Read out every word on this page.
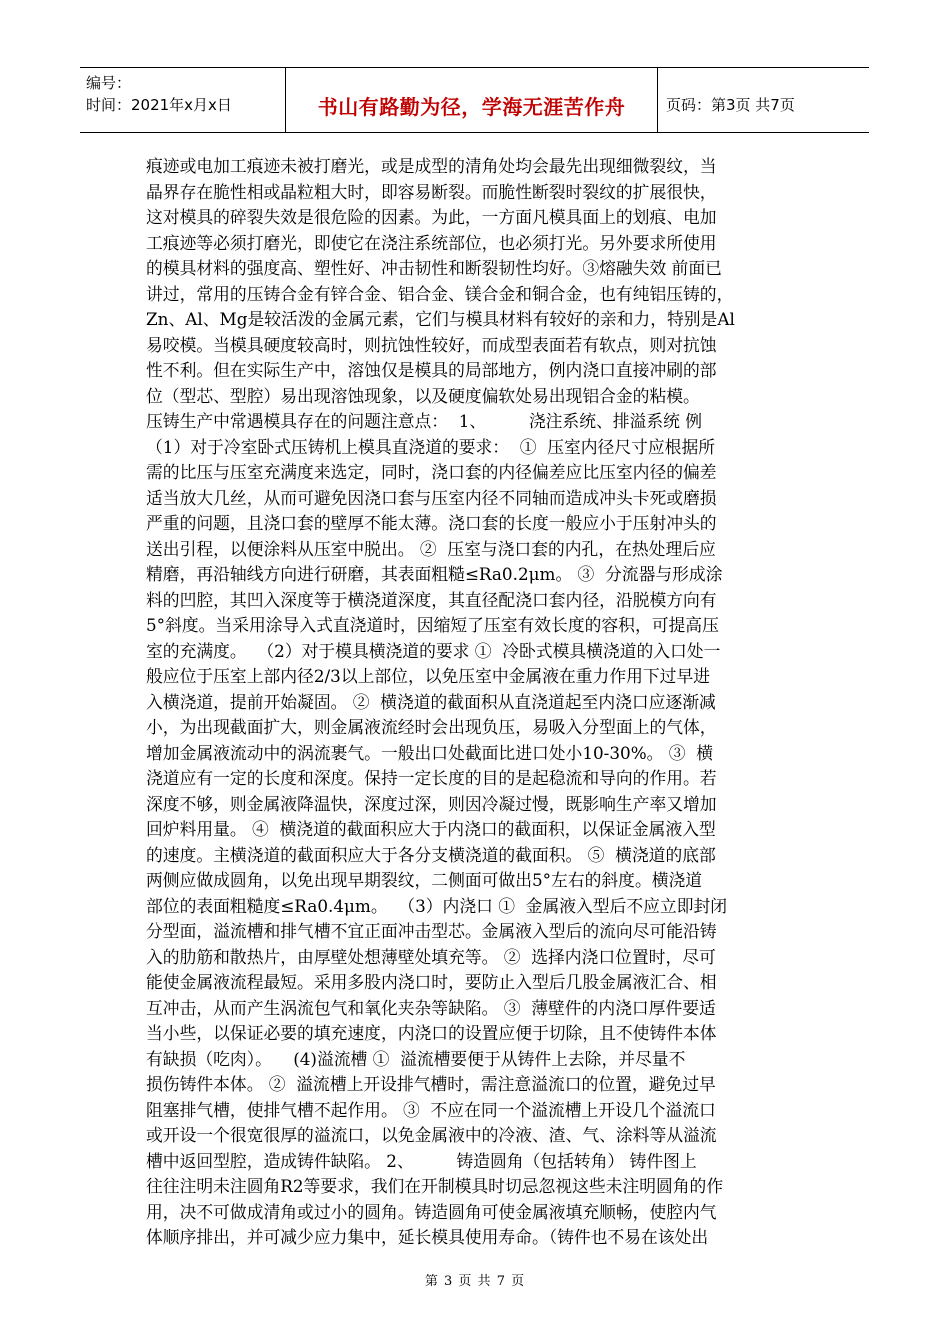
编号：
时间：2021年x月x日	书山有路勤为径，学海无涯苦作舟	页码：第3页 共7页
痕迹或电加工痕迹未被打磨光，或是成型的清角处均会最先出现细微裂纹，当
晶界存在脆性相或晶粒粗大时，即容易断裂。而脆性断裂时裂纹的扩展很快，
这对模具的碎裂失效是很危险的因素。为此，一方面凡模具面上的划痕、电加
工痕迹等必须打磨光，即使它在浇注系统部位，也必须打光。另外要求所使用
的模具材料的强度高、塑性好、冲击韧性和断裂韧性均好。③熔融失效 前面已
讲过，常用的压铸合金有锌合金、铝合金、镁合金和铜合金，也有纯铝压铸的，
Zn、Al、Mg是较活泼的金属元素，它们与模具材料有较好的亲和力，特别是Al
易咬模。当模具硬度较高时，则抗蚀性较好，而成型表面若有软点，则对抗蚀
性不利。但在实际生产中，溶蚀仅是模具的局部地方，例内浇口直接冲刷的部
位（型芯、型腔）易出现溶蚀现象，以及硬度偏软处易出现铝合金的粘模。
压铸生产中常遇模具存在的问题注意点：  1、        浇注系统、排溢系统 例
（1）对于冷室卧式压铸机上模具直浇道的要求：  ①  压室内径尺寸应根据所
需的比压与压室充满度来选定，同时，浇口套的内径偏差应比压室内径的偏差
适当放大几丝，从而可避免因浇口套与压室内径不同轴而造成冲头卡死或磨损
严重的问题，且浇口套的壁厚不能太薄。浇口套的长度一般应小于压射冲头的
送出引程，以便涂料从压室中脱出。 ②  压室与浇口套的内孔，在热处理后应
精磨，再沿轴线方向进行研磨，其表面粗糙≤Ra0.2μm。 ③  分流器与形成涂
料的凹腔，其凹入深度等于横浇道深度，其直径配浇口套内径，沿脱模方向有
5°斜度。当采用涂导入式直浇道时，因缩短了压室有效长度的容积，可提高压
室的充满度。  （2）对于模具横浇道的要求 ①  冷卧式模具横浇道的入口处一
般应位于压室上部内径2/3以上部位，以免压室中金属液在重力作用下过早进
入横浇道，提前开始凝固。 ②  横浇道的截面积从直浇道起至内浇口应逐渐减
小，为出现截面扩大，则金属液流经时会出现负压，易吸入分型面上的气体，
增加金属液流动中的涡流裹气。一般出口处截面比进口处小10-30%。 ③  横
浇道应有一定的长度和深度。保持一定长度的目的是起稳流和导向的作用。若
深度不够，则金属液降温快，深度过深，则因冷凝过慢，既影响生产率又增加
回炉料用量。 ④  横浇道的截面积应大于内浇口的截面积，以保证金属液入型
的速度。主横浇道的截面积应大于各分支横浇道的截面积。 ⑤  横浇道的底部
两侧应做成圆角，以免出现早期裂纹，二侧面可做出5°左右的斜度。横浇道
部位的表面粗糙度≤Ra0.4μm。  （3）内浇口 ①  金属液入型后不应立即封闭
分型面，溢流槽和排气槽不宜正面冲击型芯。金属液入型后的流向尽可能沿铸
入的肋筋和散热片，由厚壁处想薄壁处填充等。 ②  选择内浇口位置时，尽可
能使金属液流程最短。采用多股内浇口时，要防止入型后几股金属液汇合、相
互冲击，从而产生涡流包气和氧化夹杂等缺陷。 ③  薄壁件的内浇口厚件要适
当小些，以保证必要的填充速度，内浇口的设置应便于切除，且不使铸件本体
有缺损（吃肉）。    (4)溢流槽 ①  溢流槽要便于从铸件上去除，并尽量不
损伤铸件本体。 ②  溢流槽上开设排气槽时，需注意溢流口的位置，避免过早
阻塞排气槽，使排气槽不起作用。 ③  不应在同一个溢流槽上开设几个溢流口
或开设一个很宽很厚的溢流口，以免金属液中的冷液、渣、气、涂料等从溢流
槽中返回型腔，造成铸件缺陷。 2、        铸造圆角（包括转角） 铸件图上
往往注明未注圆角R2等要求，我们在开制模具时切忌忽视这些未注明圆角的作
用，决不可做成清角或过小的圆角。铸造圆角可使金属液填充顺畅，使腔内气
体顺序排出，并可减少应力集中，延长模具使用寿命。（铸件也不易在该处出
第 3 页 共 7 页
